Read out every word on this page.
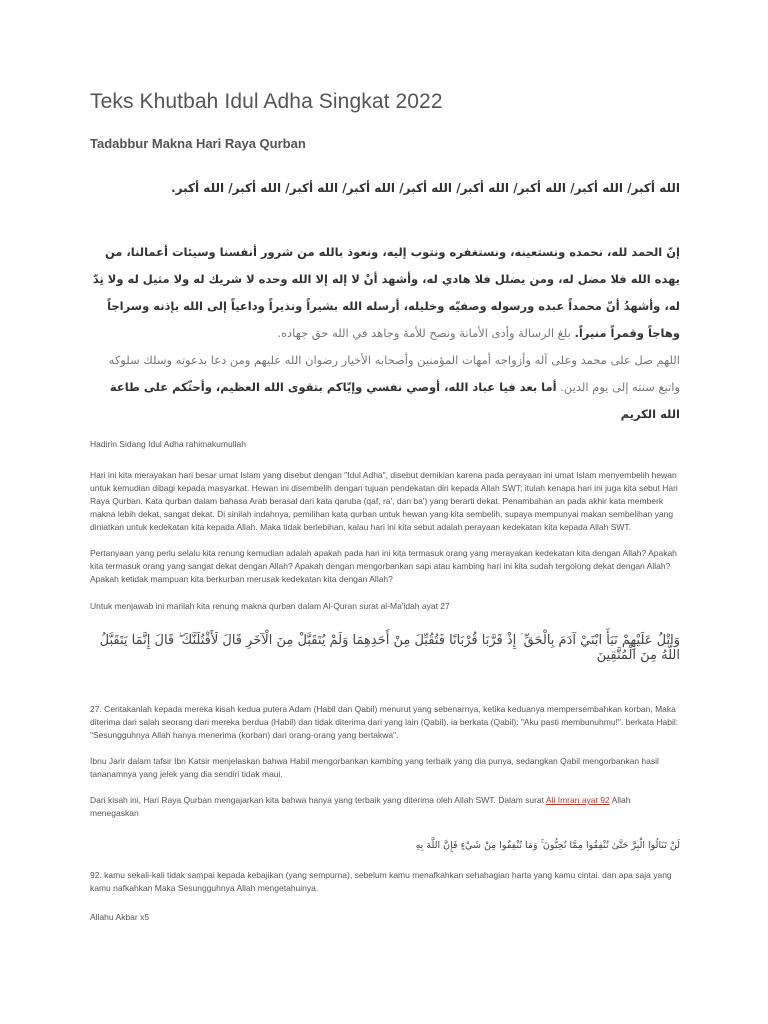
Teks Khutbah Idul Adha Singkat 2022
Tadabbur Makna Hari Raya Qurban
الله أكبر/ الله أكبر/ الله أكبر/ الله أكبر/ الله أكبر/ الله أكبر/ الله أكبر/ الله أكبر/ الله أكبر.
إنّ الحمد لله، نحمده ونستعينه، ونستغفره ونتوب إليه، ونعوذ بالله من شرور أنفسنا وسيئات أعمالنا، من يهده الله فلا مضل له، ومن يضلل فلا هادي له، وأشهد أنْ لا إله إلا الله وحده لا شريك له ولا مثيل له ولا نِدّ له، وأشهدُ أنّ محمداً عبده ورسوله وصفيّه وخليله، أرسله الله بشيراً ونذيراً وداعياً إلى الله بإذنه وسراجاً وهاجاً وقمراً منيراً. بلغ الرسالة وأدى الأمانة ونصح للأمة وجاهد في الله حق جهاده.
اللهم صل على محمد وعلى آله وأزواجه أمهات المؤمنين وأصحابه الأخيار رضوان الله عليهم ومن دعا بدعوته وسلك سلوكه واتبع سنته إلى يوم الدين. أما بعد فيا عباد الله، أوصي نفسي وإيّاكم بتقوى الله العظيم، وأحثّكم على طاعة الله الكريم

Hadirin Sidang Idul Adha rahimakumullah

Hari ini kita merayakan hari besar umat Islam yang disebut dengan "Idul Adha", disebut demikian karena pada perayaan ini umat Islam menyembelih hewan untuk kemudian dibagi kepada masyarkat. Hewan ini disembelih dengan tujuan pendekatan diri kepada Allah SWT; itulah kenapa hari ini juga kita sebut Hari Raya Qurban. Kata qurban dalam bahasa Arab berasal dari kata qaruba (qaf, ra', dan ba') yang berarti dekat. Penambahan an pada akhir kata memberk makna lebih dekat, sangat dekat. Di sinilah indahnya, pemilihan kata qurban untuk hewan yang kita sembelih, supaya mempunyai makan sembelihan yang diniatkan untuk kedekatan kita kepada Allah. Maka tidak berlebihan, kalau hari ini kita sebut adalah perayaan kedekatan kita kepada Allah SWT.

Pertanyaan yang perlu selalu kita renung kemudian adalah apakah pada hari ini kita termasuk orang yang merayakan kedekatan kita dengan Allah? Apakah kita termasuk orang yang sangat dekat dengan Allah? Apakah dengan mengorbankan sapi atau kambing hari ini kita sudah tergolong dekat dengan Allah? Apakah ketidak mampuan kita berkurban merusak kedekatan kita dengan Allah?

Untuk menjawab ini marilah kita renung makna qurban dalam Al-Quran surat al-Ma'idah ayat 27

وَاتْلُ عَلَيْهِمْ نَبَأَ ابْنَيْ آدَمَ بِالْحَقِّ ۘ إِذْ قَرَّبَا قُرْبَانًا فَتُقُبِّلَ مِنْ أَحَدِهِمَا وَلَمْ يُتَقَبَّلْ مِنَ الْآخَرِ قَالَ لَأَقْتُلَنَّكَ ۖ قَالَ إِنَّمَا يَتَقَبَّلُ اللَّهُ مِنَ الْمُتَّقِينَ

27. Ceritakanlah kepada mereka kisah kedua putera Adam (Habil dan Qabil) menurut yang sebenarnya, ketika keduanya mempersembahkan korban, Maka diterima dari salah seorang dari mereka berdua (Habil) dan tidak diterima dari yang lain (Qabil). ia berkata (Qabil): "Aku pasti membunuhmu!". berkata Habil: "Sesungguhnya Allah hanya menerima (korban) dari orang-orang yang bertakwa".

Ibnu Jarir dalam tafsir Ibn Katsir menjelaskan bahwa Habil mengorbankan kambing yang terbaik yang dia punya, sedangkan Qabil mengorbankan hasil tananamnya yang jelek yang dia sendiri tidak maui.

Dari kisah ini, Hari Raya Qurban mengajarkan kita bahwa hanya yang terbaik yang diterima oleh Allah SWT. Dalam surat Ali Imran ayat 92 Allah menegaskan

لَنْ تَنَالُوا الْبِرَّ حَتَّىٰ تُنْفِقُوا مِمَّا تُحِبُّونَ ۚ وَمَا تُنْفِقُوا مِنْ شَيْءٍ فَإِنَّ اللَّهَ بِهِ

92. kamu sekali-kali tidak sampai kepada kebajikan (yang sempurna), sebelum kamu menafkahkan sehahagian harta yang kamu cintai. dan apa saja yang kamu nafkahkan Maka Sesungguhnya Allah mengetahuinya.

Allahu Akbar x5
